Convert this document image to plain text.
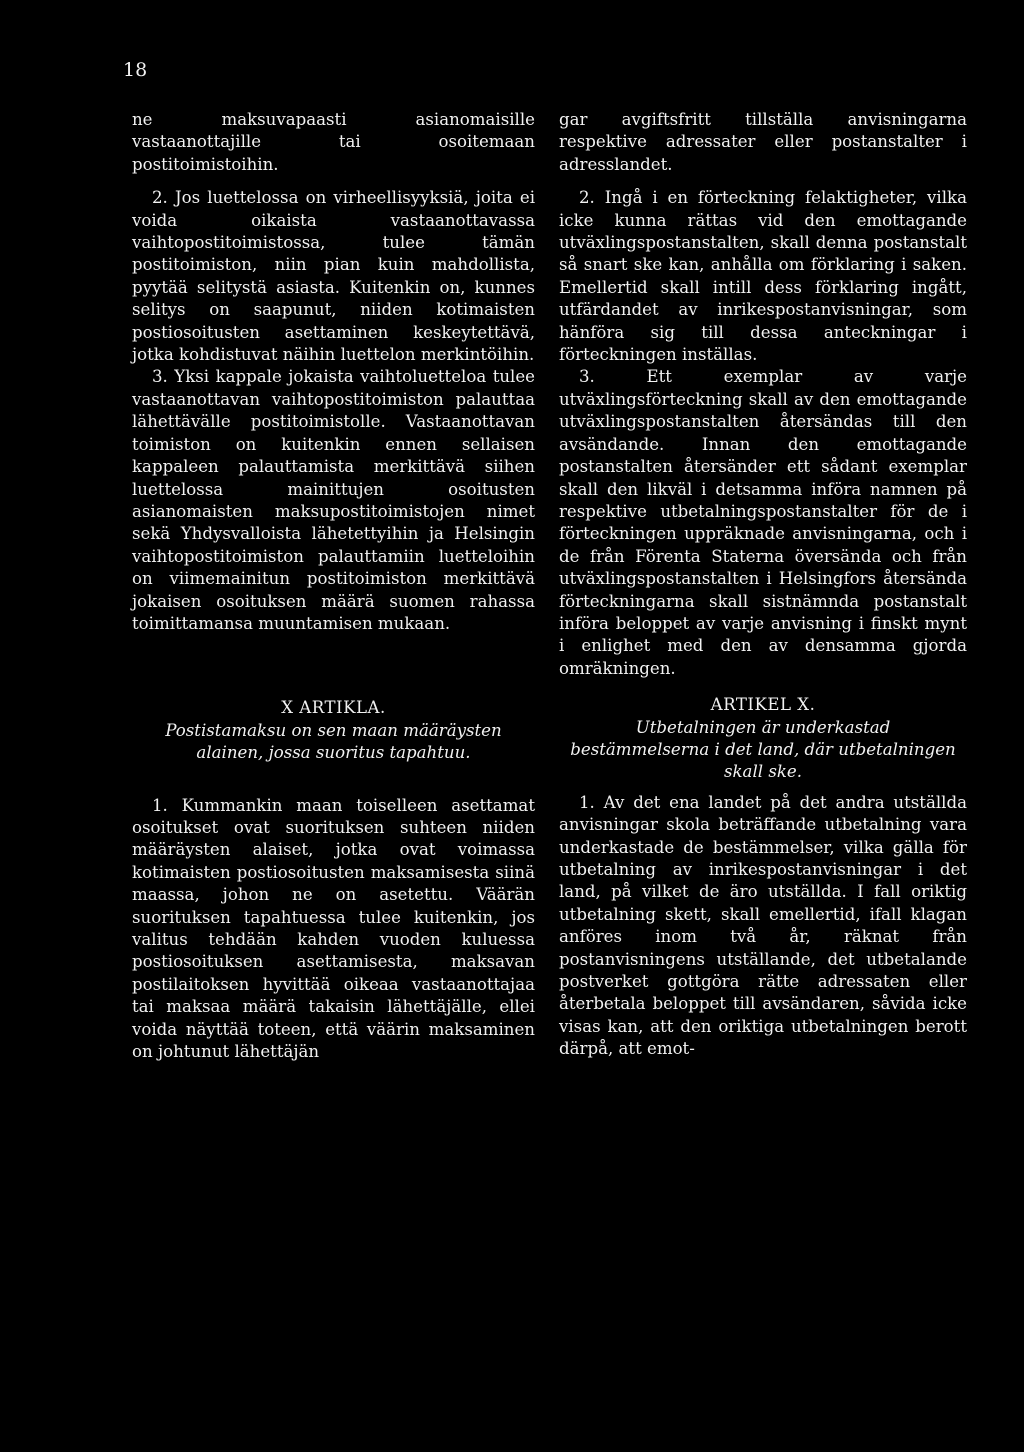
18

ne maksuvapaasti asianomaisille vastaanottajille tai osoitemaan postitoimistoihin.

2. Jos luettelossa on virheellisyyksiä, joita ei voida oikaista vastaanottavassa vaihtopostitoimistossa, tulee tämän postitoimiston, niin pian kuin mahdollista, pyytää selitystä asiasta. Kuitenkin on, kunnes selitys on saapunut, niiden kotimaisten postiosoitusten asettaminen keskeytettävä, jotka kohdistuvat näihin luettelon merkintöihin.

3. Yksi kappale jokaista vaihtoluetteloa tulee vastaanottavan vaihtopostitoimiston palauttaa lähettävälle postitoimistolle. Vastaanottavan toimiston on kuitenkin ennen sellaisen kappaleen palauttamista merkittävä siihen luettelossa mainittujen osoitusten asianomaisten maksupostitoimistojen nimet sekä Yhdysvalloista lähetettyihin ja Helsingin vaihtopostitoimiston palauttamiin luetteloihin on viimemainitun postitoimiston merkittävä jokaisen osoituksen määrä suomen rahassa toimittamansa muuntamisen mukaan.

X ARTIKLA.

Postistamaksu on sen maan määräysten alainen, jossa suoritus tapahtuu.

1. Kummankin maan toiselleen asettamat osoitukset ovat suorituksen suhteen niiden määräysten alaiset, jotka ovat voimassa kotimaisten postiosoitusten maksamisesta siinä maassa, johon ne on asetettu. Väärän suorituksen tapahtuessa tulee kuitenkin, jos valitus tehdään kahden vuoden kuluessa postiosoituksen asettamisesta, maksavan postilaitoksen hyvittää oikeaa vastaanottajaa tai maksaa määrä takaisin lähettäjälle, ellei voida näyttää toteen, että väärin maksaminen on johtunut lähettäjän

gar avgiftsfritt tillställa anvisningarna respektive adressater eller postanstalter i adresslandet.

2. Ingå i en förteckning felaktigheter, vilka icke kunna rättas vid den emottagande utväxlingspostanstalten, skall denna postanstalt så snart ske kan, anhålla om förklaring i saken. Emellertid skall intill dess förklaring ingått, utfärdandet av inrikespostanvisningar, som hänföra sig till dessa anteckningar i förteckningen inställas.

3. Ett exemplar av varje utväxlingsförteckning skall av den emottagande utväxlingspostanstalten återsändas till den avsändande. Innan den emottagande postanstalten återsänder ett sådant exemplar skall den likväl i detsamma införa namnen på respektive utbetalningspostanstalter för de i förteckningen uppräknade anvisningarna, och i de från Förenta Staterna översända och från utväxlingspostanstalten i Helsingfors återsända förteckningarna skall sistnämnda postanstalt införa beloppet av varje anvisning i finskt mynt i enlighet med den av densamma gjorda omräkningen.

ARTIKEL X.

Utbetalningen är underkastad bestämmelserna i det land, där utbetalningen skall ske.

1. Av det ena landet på det andra utställda anvisningar skola beträffande utbetalning vara underkastade de bestämmelser, vilka gälla för utbetalning av inrikespostanvisningar i det land, på vilket de äro utställda. I fall oriktig utbetalning skett, skall emellertid, ifall klagan anföres inom två år, räknat från postanvisningens utställande, det utbetalande postverket gottgöra rätte adressaten eller återbetala beloppet till avsändaren, såvida icke visas kan, att den oriktiga utbetalningen berott därpå, att emot-
